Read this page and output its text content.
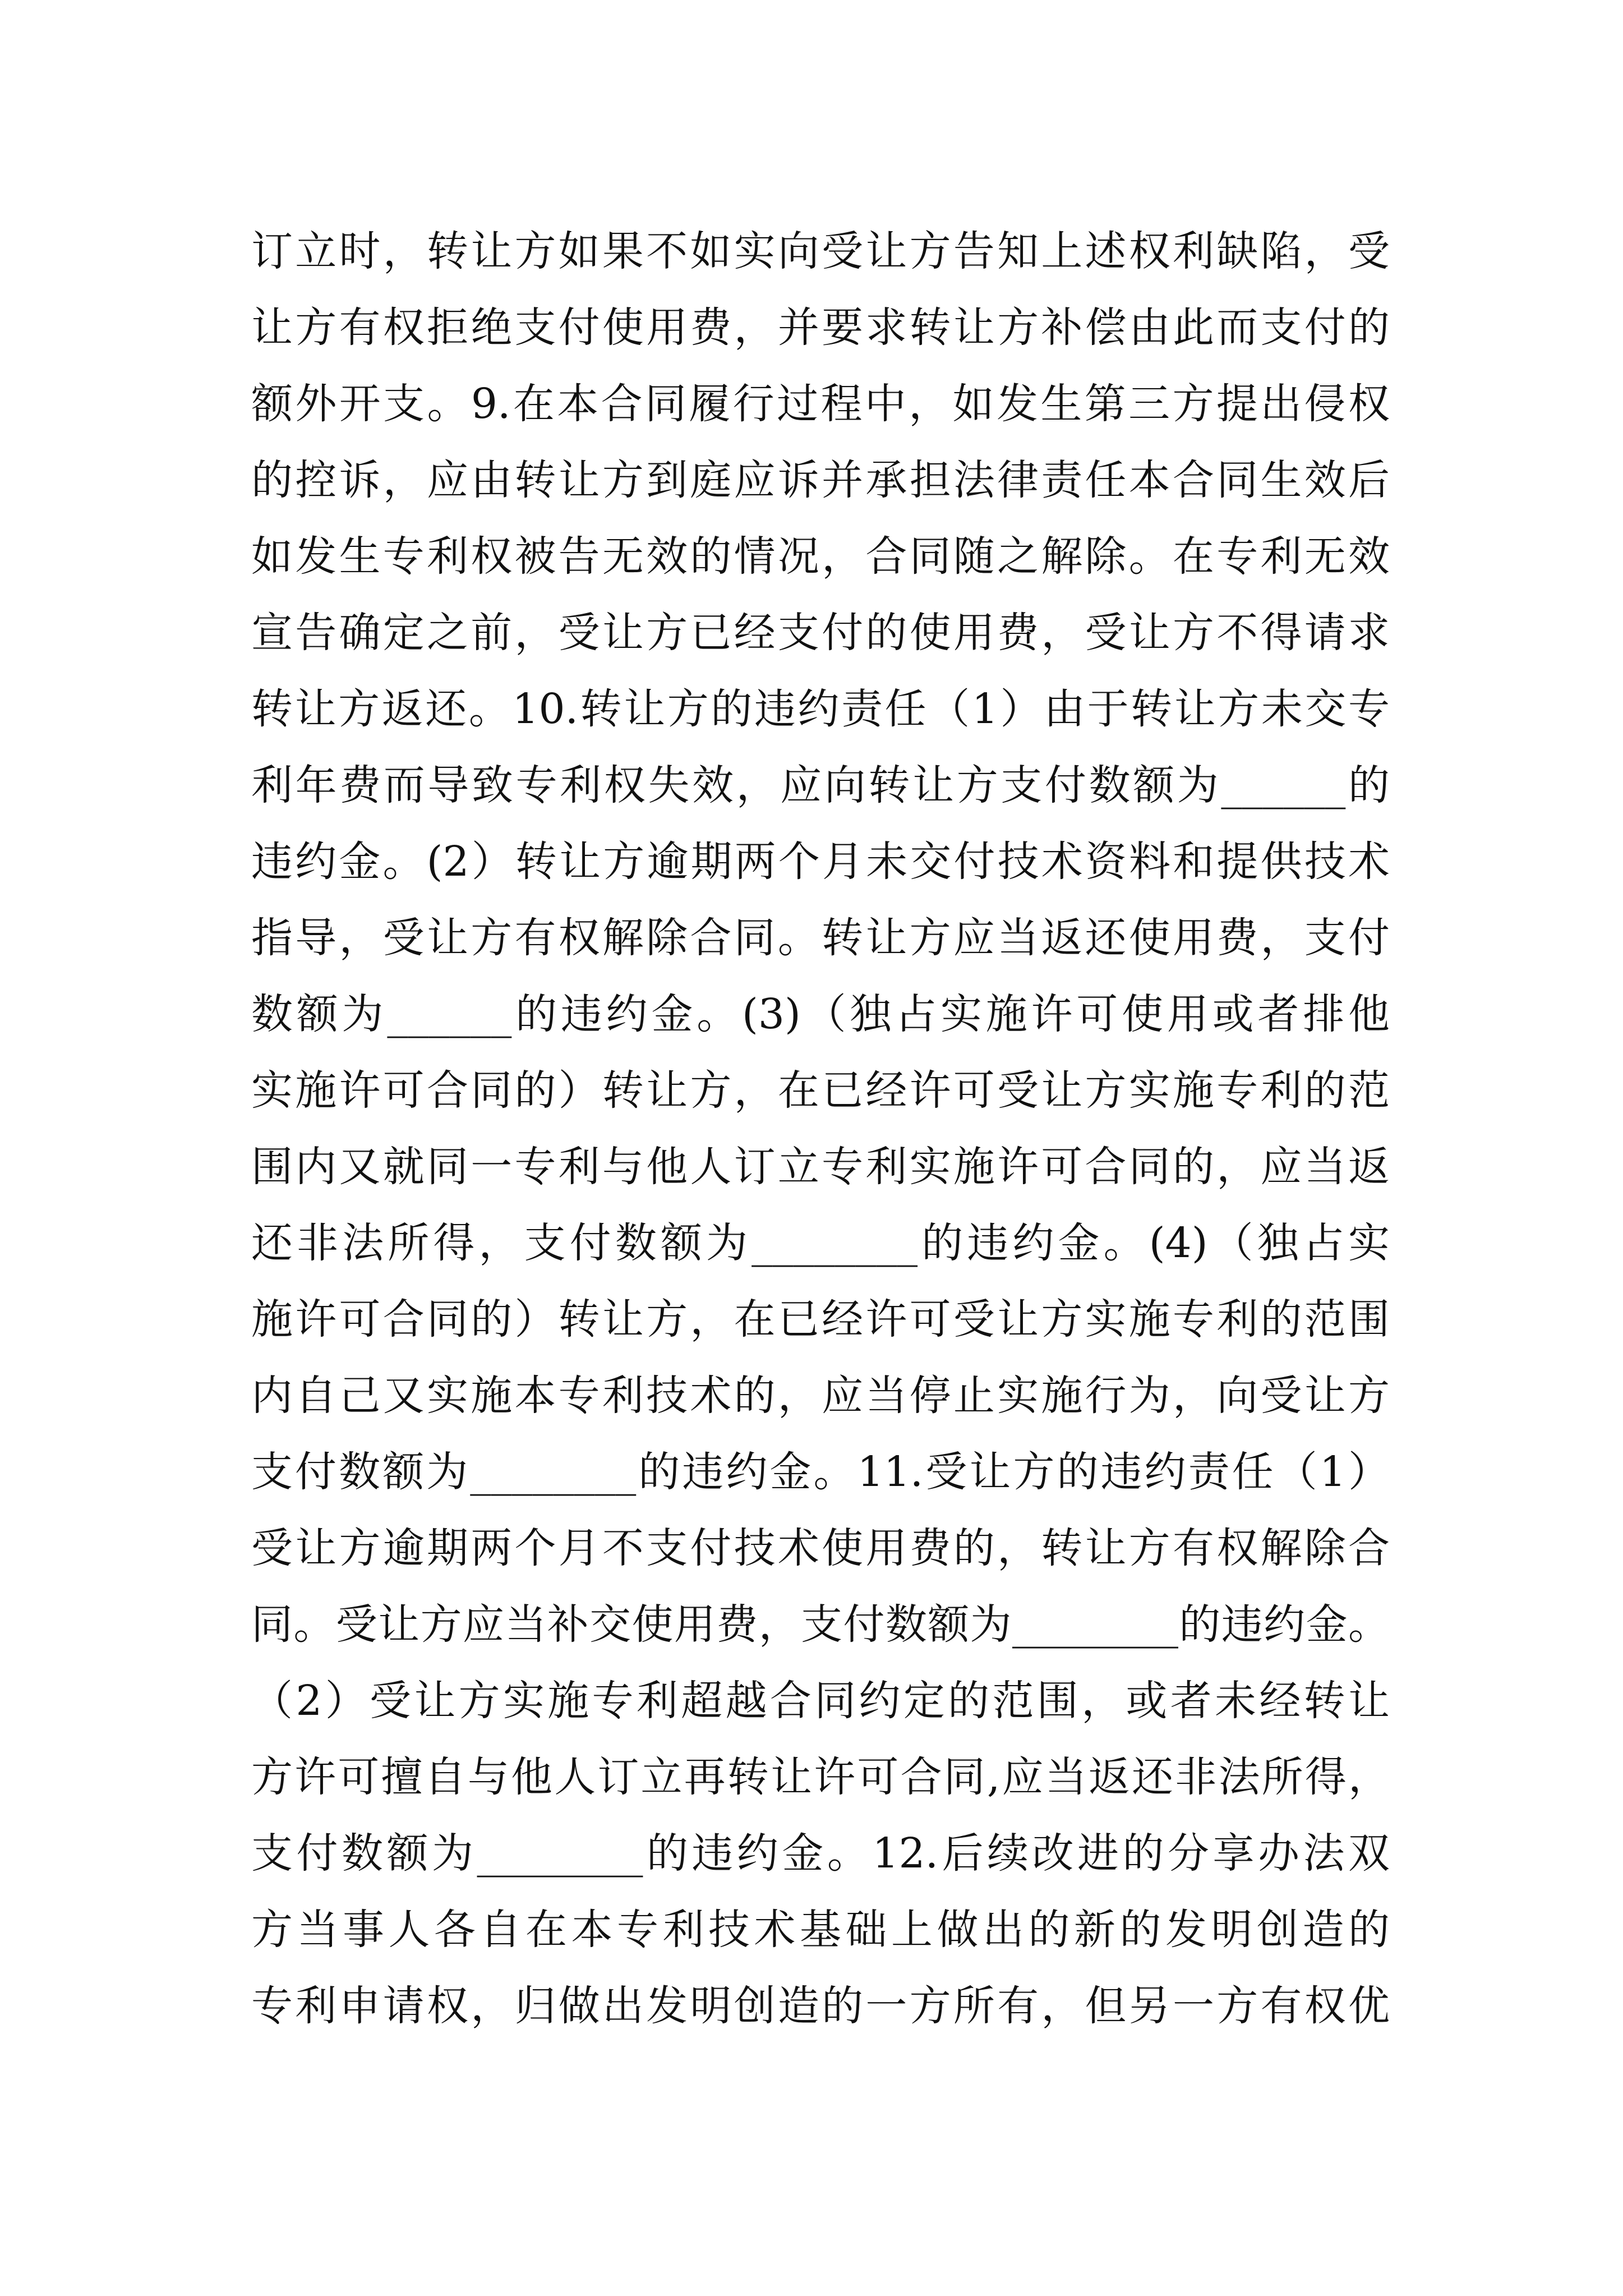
订立时，转让方如果不如实向受让方告知上述权利缺陷，受
让方有权拒绝支付使用费，并要求转让方补偿由此而支付的
额外开支。9.在本合同履行过程中，如发生第三方提出侵权
的控诉，应由转让方到庭应诉并承担法律责任本合同生效后
如发生专利权被告无效的情况，合同随之解除。在专利无效
宣告确定之前，受让方已经支付的使用费，受让方不得请求
转让方返还。10.转让方的违约责任（1）由于转让方未交专
利年费而导致专利权失效，应向转让方支付数额为______的
违约金。(2）转让方逾期两个月未交付技术资料和提供技术
指导，受让方有权解除合同。转让方应当返还使用费，支付
数额为______的违约金。(3)（独占实施许可使用或者排他
实施许可合同的）转让方，在已经许可受让方实施专利的范
围内又就同一专利与他人订立专利实施许可合同的，应当返
还非法所得，支付数额为________的违约金。(4)（独占实
施许可合同的）转让方，在已经许可受让方实施专利的范围
内自己又实施本专利技术的，应当停止实施行为，向受让方
支付数额为________的违约金。11.受让方的违约责任（1）
受让方逾期两个月不支付技术使用费的，转让方有权解除合
同。受让方应当补交使用费，支付数额为________的违约金。
（2）受让方实施专利超越合同约定的范围，或者未经转让
方许可擅自与他人订立再转让许可合同,应当返还非法所得，
支付数额为________的违约金。12.后续改进的分享办法双
方当事人各自在本专利技术基础上做出的新的发明创造的
专利申请权，归做出发明创造的一方所有，但另一方有权优
